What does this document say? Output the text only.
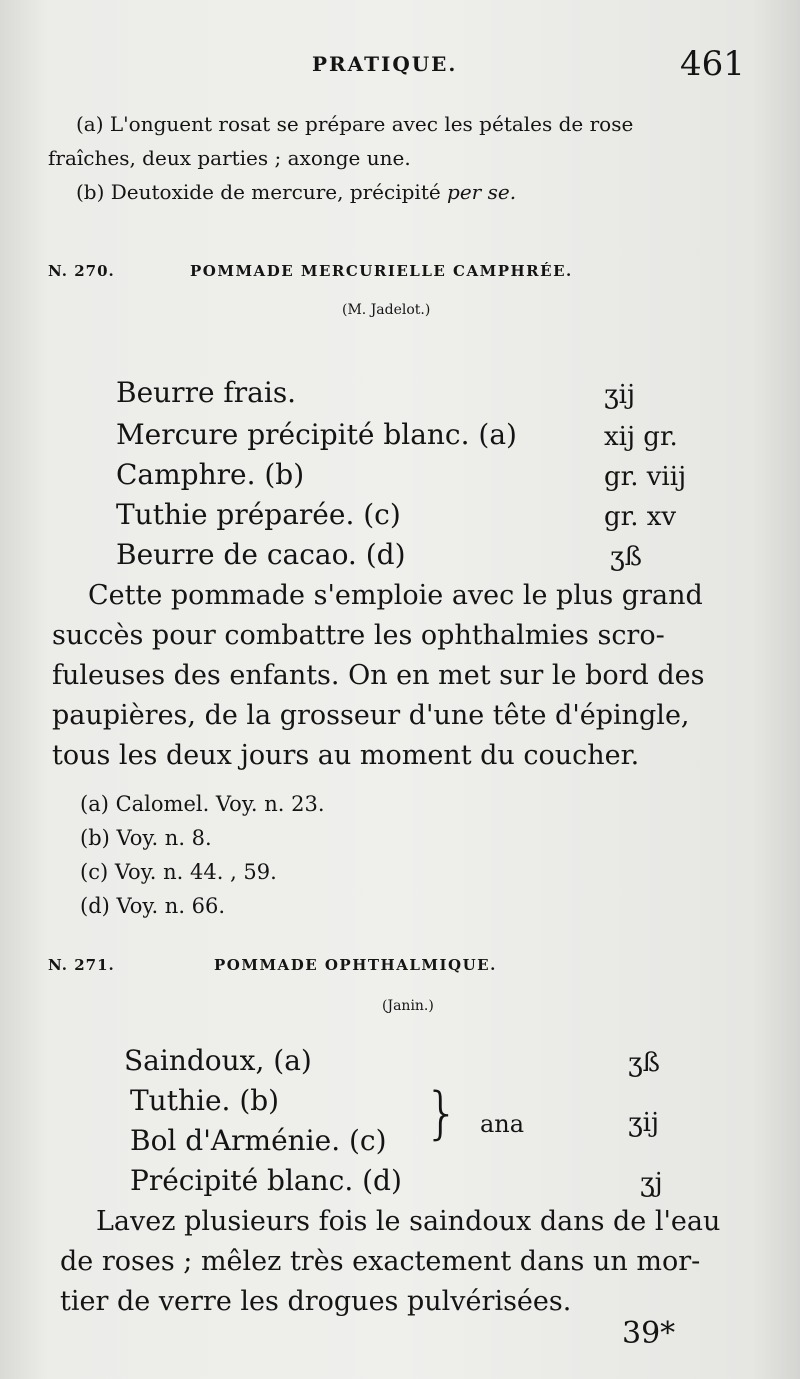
PRATIQUE.	461
(a) L'onguent rosat se prépare avec les pétales de rose
fraîches, deux parties ; axonge une.
(b) Deutoxide de mercure, précipité per se.
N. 270.	POMMADE MERCURIELLE CAMPHRÉE.
(M. Jadelot.)
Beurre frais.	ʒij
Mercure précipité blanc. (a)	xij gr.
Camphre. (b)	gr. viij
Tuthie préparée. (c)	gr. xv
Beurre de cacao. (d)	ʒß
Cette pommade s'emploie avec le plus grand
succès pour combattre les ophthalmies scro-
fuleuses des enfants. On en met sur le bord des
paupières, de la grosseur d'une tête d'épingle,
tous les deux jours au moment du coucher.
(a) Calomel. Voy. n. 23.
(b) Voy. n. 8.
(c) Voy. n. 44. , 59.
(d) Voy. n. 66.
N. 271.	POMMADE OPHTHALMIQUE.
(Janin.)
Saindoux, (a)	ʒß
Tuthie. (b)
Bol d'Arménie. (c) } ana	ʒij
Précipité blanc. (d)	ʒj
Lavez plusieurs fois le saindoux dans de l'eau
de roses ; mêlez très exactement dans un mor-
tier de verre les drogues pulvérisées.
39*
